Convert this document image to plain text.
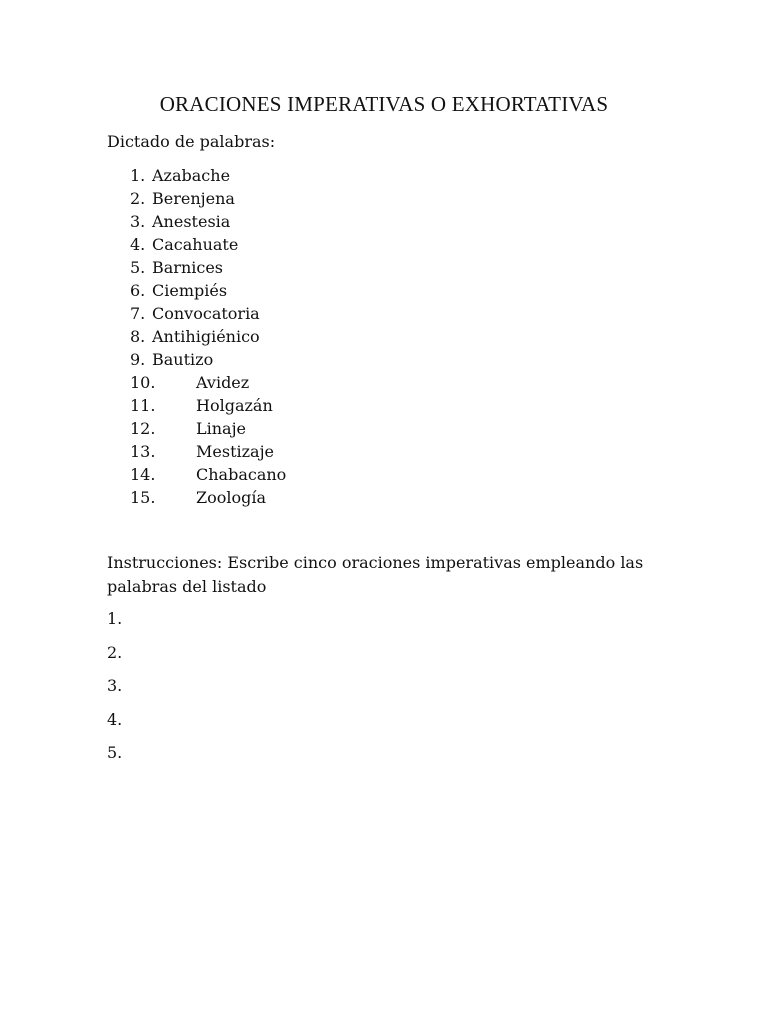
ORACIONES IMPERATIVAS O EXHORTATIVAS
Dictado de palabras:
1. Azabache
2. Berenjena
3. Anestesia
4. Cacahuate
5. Barnices
6. Ciempiés
7. Convocatoria
8. Antihigiénico
9. Bautizo
10.	Avidez
11.	Holgazán
12.	Linaje
13.	Mestizaje
14.	Chabacano
15.	Zoología
Instrucciones: Escribe cinco oraciones imperativas empleando las palabras del listado
1.
2.
3.
4.
5.
